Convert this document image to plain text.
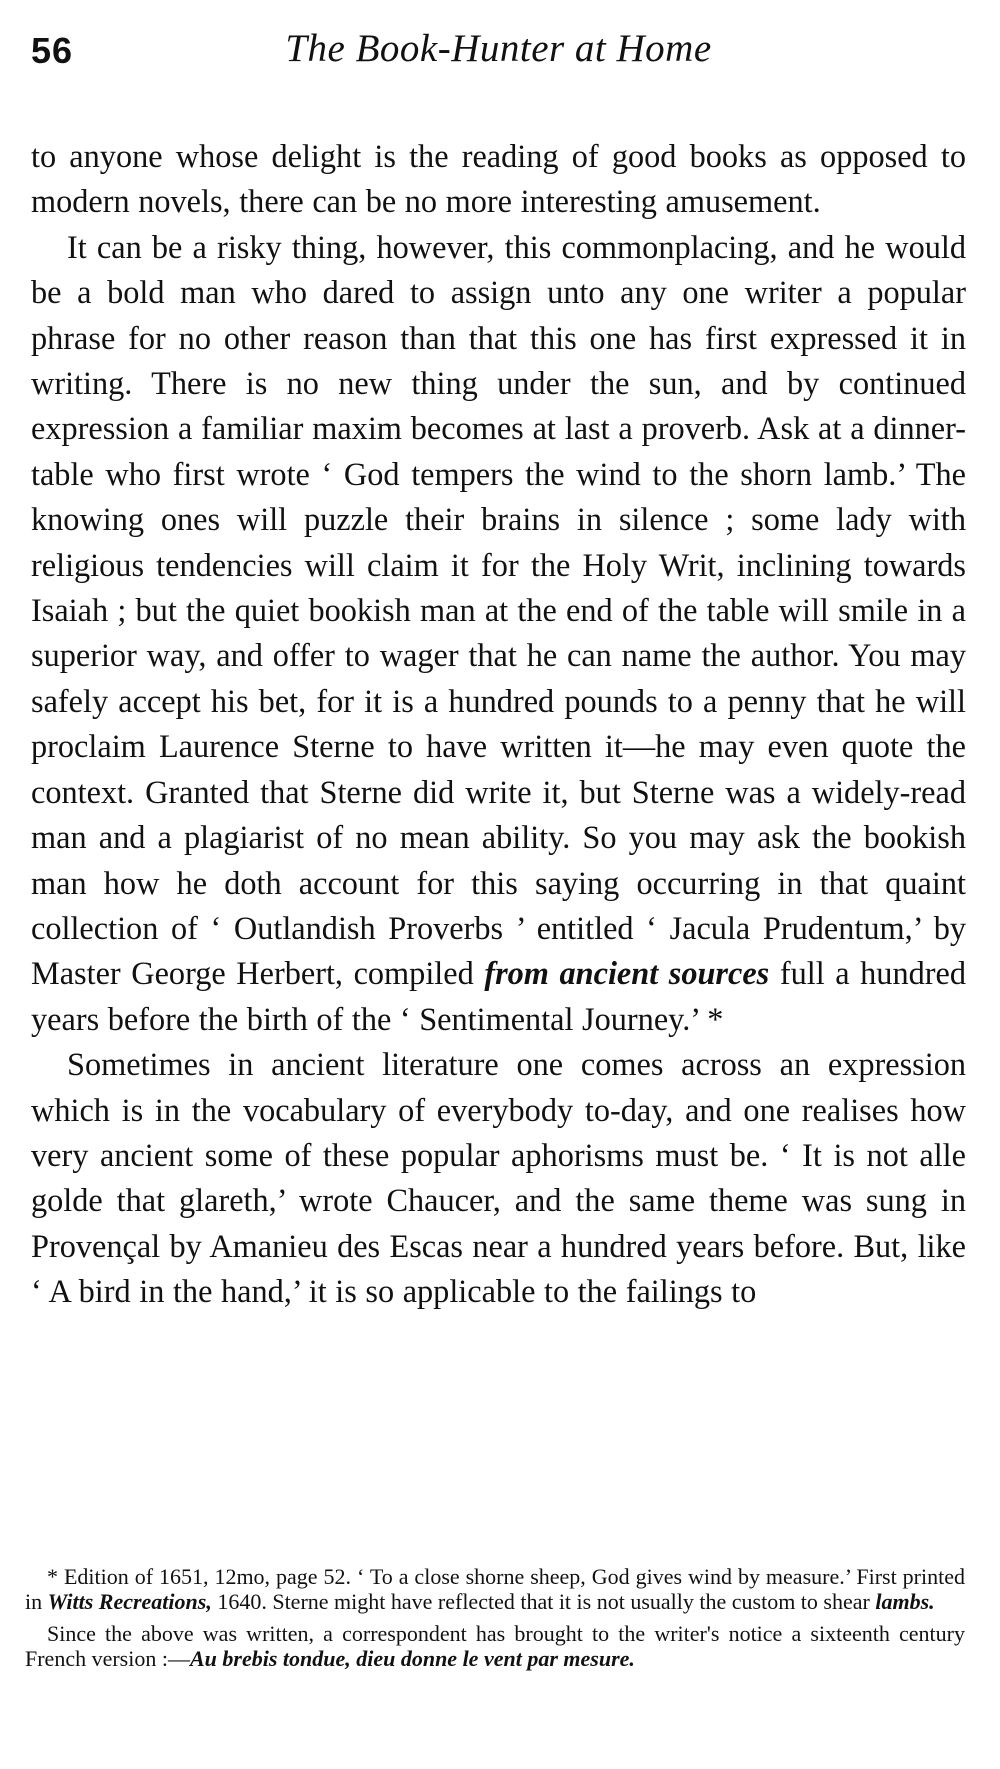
56	The Book-Hunter at Home

to anyone whose delight is the reading of good books as opposed to modern novels, there can be no more interesting amusement.

It can be a risky thing, however, this commonplacing, and he would be a bold man who dared to assign unto any one writer a popular phrase for no other reason than that this one has first expressed it in writing. There is no new thing under the sun, and by continued expression a familiar maxim becomes at last a proverb. Ask at a dinner-table who first wrote ‘ God tempers the wind to the shorn lamb.’ The knowing ones will puzzle their brains in silence ; some lady with religious tendencies will claim it for the Holy Writ, inclining towards Isaiah ; but the quiet bookish man at the end of the table will smile in a superior way, and offer to wager that he can name the author. You may safely accept his bet, for it is a hundred pounds to a penny that he will proclaim Laurence Sterne to have written it—he may even quote the context. Granted that Sterne did write it, but Sterne was a widely-read man and a plagiarist of no mean ability. So you may ask the bookish man how he doth account for this saying occurring in that quaint collection of ‘ Outlandish Proverbs ’ entitled ‘ Jacula Prudentum,’ by Master George Herbert, compiled from ancient sources full a hundred years before the birth of the ‘ Sentimental Journey.’ *

Sometimes in ancient literature one comes across an expression which is in the vocabulary of everybody to-day, and one realises how very ancient some of these popular aphorisms must be. ‘ It is not alle golde that glareth,’ wrote Chaucer, and the same theme was sung in Provençal by Amanieu des Escas near a hundred years before. But, like ‘ A bird in the hand,’ it is so applicable to the failings to

* Edition of 1651, 12mo, page 52. ‘ To a close shorne sheep, God gives wind by measure.’ First printed in Witts Recreations, 1640. Sterne might have reflected that it is not usually the custom to shear lambs.

Since the above was written, a correspondent has brought to the writer's notice a sixteenth century French version :—Au brebis tondue, dieu donne le vent par mesure.
